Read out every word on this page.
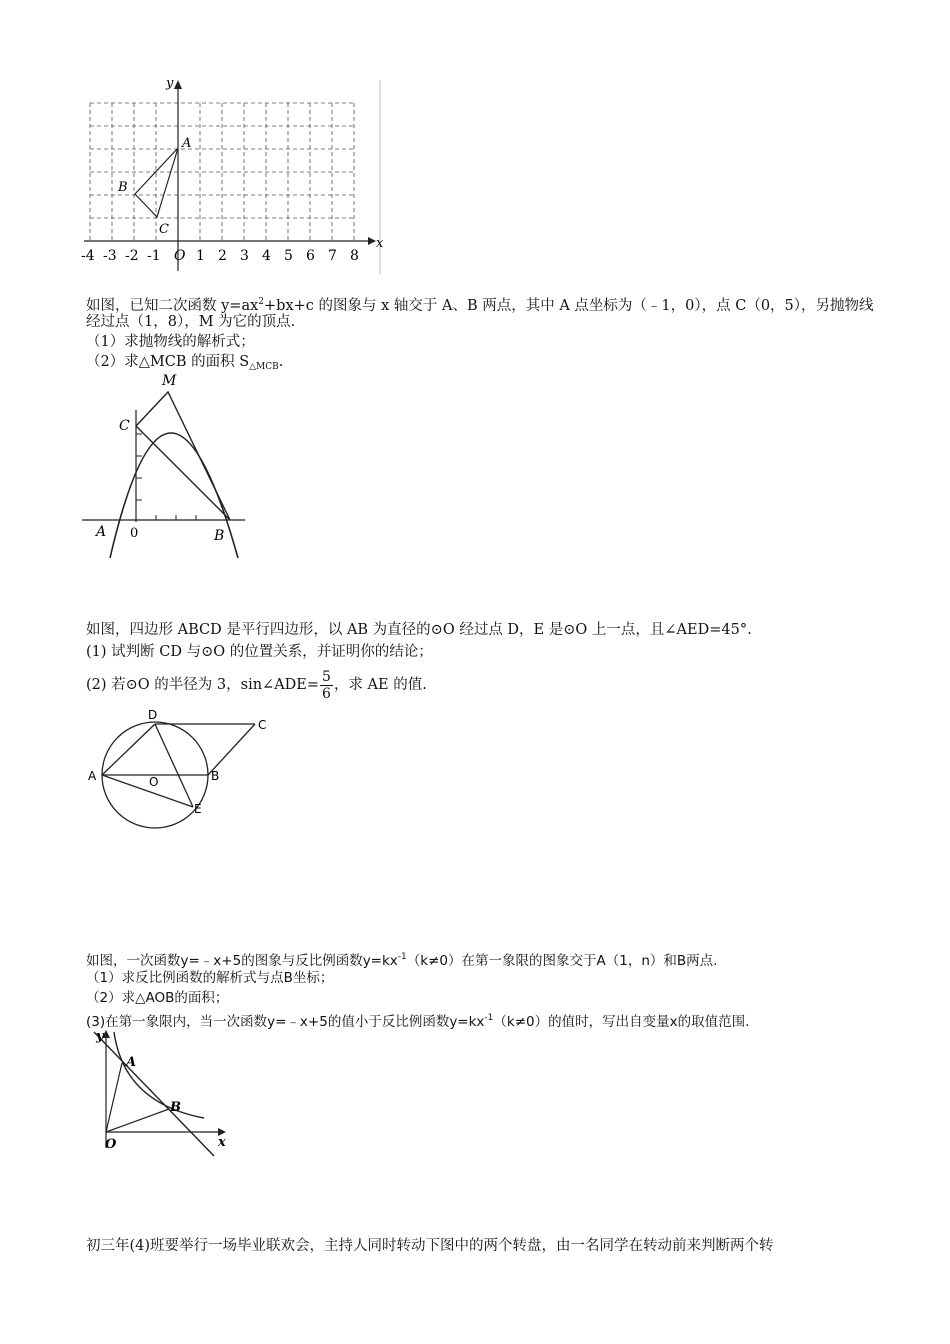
x
y
A
B
C
-4 -3 -2 -1 O 1 2 3 4 5 6 7 8
如图，已知二次函数 $y=ax^2+bx+c$ 的图象与 x 轴交于 A、B 两点，其中 A 点坐标为（﹣1，0），点 C（0，5），另抛物线
经过点（1，8），M 为它的顶点.
（1）求抛物线的解析式；
（2）求△MCB 的面积 $S_{\triangle MCB}$.
M
C
A 0	B
如图，四边形 ABCD 是平行四边形，以 AB 为直径的⊙O 经过点 D，E 是⊙O 上一点，且∠AED=45°.
(1) 试判断 CD 与⊙O 的位置关系，并证明你的结论；
(2) 若⊙O 的半径为 3，sin∠ADE= $\frac{5}{6}$ ，求 AE 的值.
D
C
A	O	B
E
如图，一次函数y=﹣x+5的图象与反比例函数$y=kx^{-1}(k\ne 0)$在第一象限的图象交于A（1，n）和B两点.
（1）求反比例函数的解析式与点B坐标；
（2）求△AOB的面积；
(3)在第一象限内，当一次函数y=﹣x+5的值小于反比例函数$y=kx^{-1}(k\ne 0)$的值时，写出自变量x的取值范围.
y
A
B
O	x
初三年(4)班要举行一场毕业联欢会，主持人同时转动下图中的两个转盘，由一名同学在转动前来判断两个转
